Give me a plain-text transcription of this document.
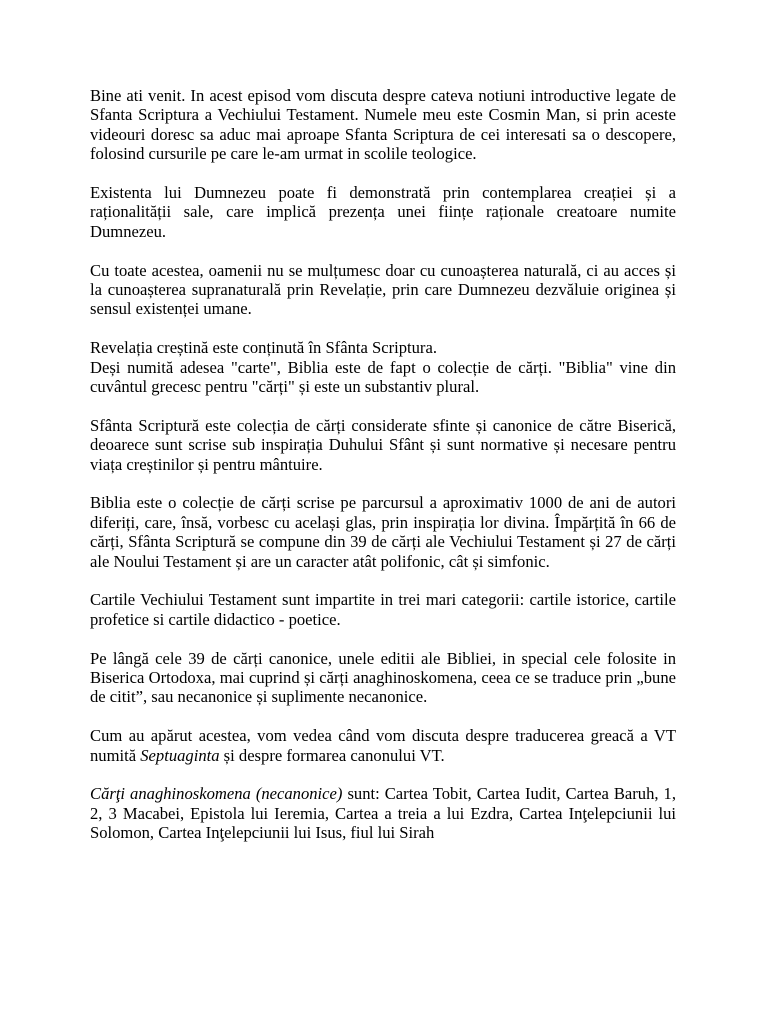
Bine ati venit. In acest episod vom discuta despre cateva notiuni introductive legate de Sfanta Scriptura a Vechiului Testament. Numele meu este Cosmin Man, si prin aceste videouri doresc sa aduc mai aproape Sfanta Scriptura de cei interesati sa o descopere, folosind cursurile pe care le-am urmat in scolile teologice.

Existenta lui Dumnezeu poate fi demonstrată prin contemplarea creației și a raționalității sale, care implică prezența unei ființe raționale creatoare numite Dumnezeu.

Cu toate acestea, oamenii nu se mulțumesc doar cu cunoașterea naturală, ci au acces și la cunoașterea supranaturală prin Revelație, prin care Dumnezeu dezvăluie originea și sensul existenței umane.

Revelația creștină este conținută în Sfânta Scriptura.

Deși numită adesea "carte", Biblia este de fapt o colecție de cărți. "Biblia" vine din cuvântul grecesc pentru "cărți" și este un substantiv plural.

Sfânta Scriptură este colecția de cărți considerate sfinte și canonice de către Biserică, deoarece sunt scrise sub inspirația Duhului Sfânt și sunt normative și necesare pentru viața creștinilor și pentru mântuire.

Biblia este o colecție de cărți scrise pe parcursul a aproximativ 1000 de ani de autori diferiți, care, însă, vorbesc cu același glas, prin inspirația lor divina. Împărțită în 66 de cărți, Sfânta Scriptură se compune din 39 de cărți ale Vechiului Testament și 27 de cărți ale Noului Testament și are un caracter atât polifonic, cât și simfonic.

Cartile Vechiului Testament sunt impartite in trei mari categorii: cartile istorice, cartile profetice si cartile didactico - poetice.

Pe lângă cele 39 de cărți canonice, unele editii ale Bibliei, in special cele folosite in Biserica Ortodoxa, mai cuprind și cărți anaghinoskomena, ceea ce se traduce prin „bune de citit”, sau necanonice și suplimente necanonice.

Cum au apărut acestea, vom vedea când vom discuta despre traducerea greacă a VT numită Septuaginta și despre formarea canonului VT.

Cărţi anaghinoskomena (necanonice) sunt: Cartea Tobit, Cartea Iudit, Cartea Baruh, 1, 2, 3 Macabei, Epistola lui Ieremia, Cartea a treia a lui Ezdra, Cartea Inţelepciunii lui Solomon, Cartea Inţelepciunii lui Isus, fiul lui Sirah
